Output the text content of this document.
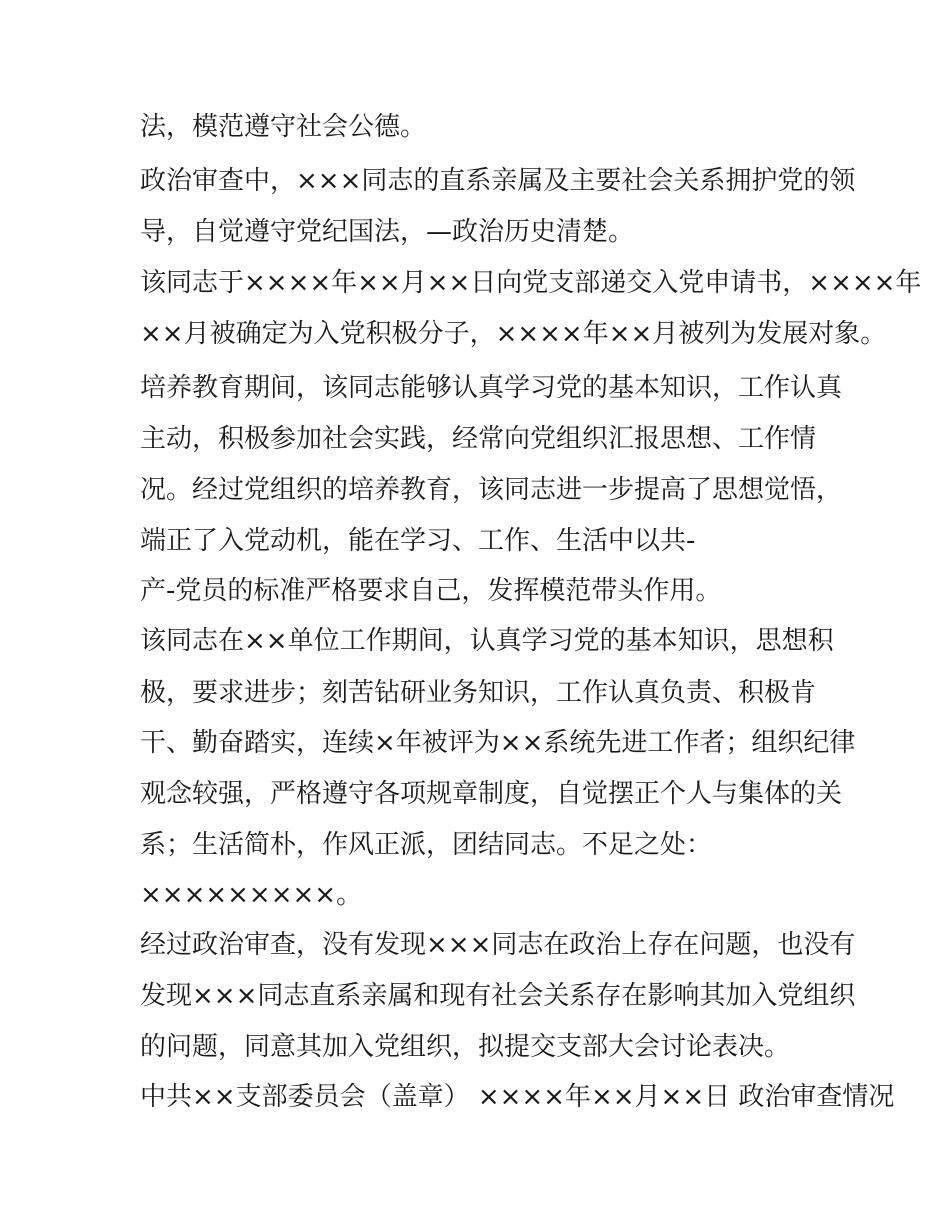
法，模范遵守社会公德。
政治审查中，×××同志的直系亲属及主要社会关系拥护党的领
导，自觉遵守党纪国法，—政治历史清楚。
该同志于××××年××月××日向党支部递交入党申请书，××××年
××月被确定为入党积极分子，××××年××月被列为发展对象。
培养教育期间，该同志能够认真学习党的基本知识，工作认真
主动，积极参加社会实践，经常向党组织汇报思想、工作情
况。经过党组织的培养教育，该同志进一步提高了思想觉悟，
端正了入党动机，能在学习、工作、生活中以共-
产-党员的标准严格要求自己，发挥模范带头作用。
该同志在××单位工作期间，认真学习党的基本知识，思想积
极，要求进步；刻苦钻研业务知识，工作认真负责、积极肯
干、勤奋踏实，连续×年被评为××系统先进工作者；组织纪律
观念较强，严格遵守各项规章制度，自觉摆正个人与集体的关
系；生活简朴，作风正派，团结同志。不足之处：
×××××××××。
经过政治审查，没有发现×××同志在政治上存在问题，也没有
发现×××同志直系亲属和现有社会关系存在影响其加入党组织
的问题，同意其加入党组织，拟提交支部大会讨论表决。
中共××支部委员会（盖章） ××××年××月××日 政治审查情况
